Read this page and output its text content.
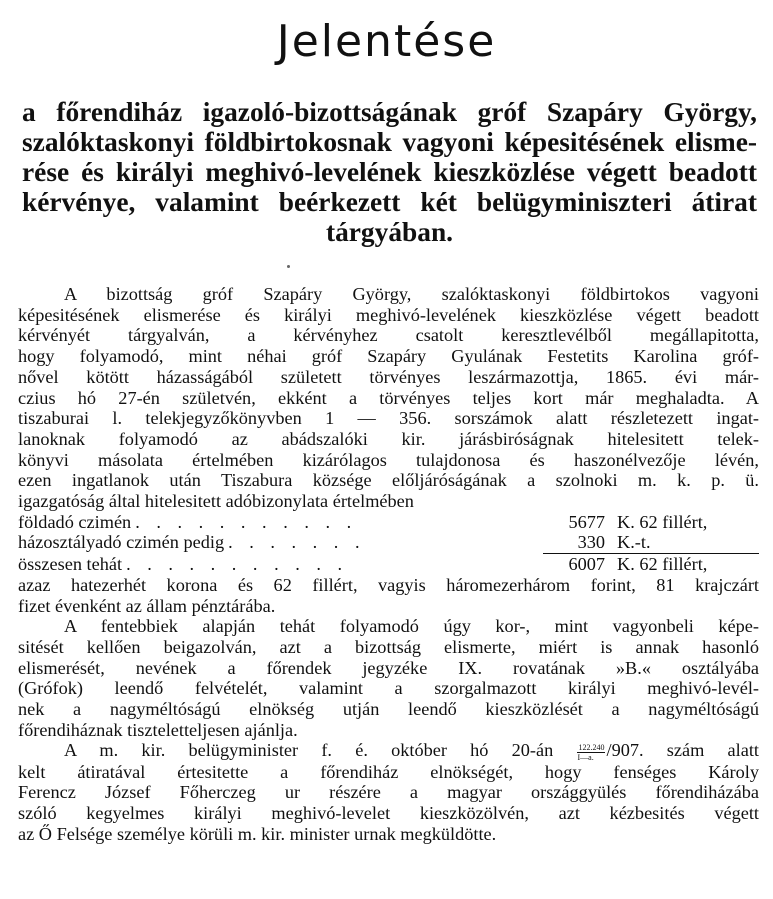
Jelentése
a főrendiház igazoló-bizottságának gróf Szapáry György,
szalóktaskonyi földbirtokosnak vagyoni képesitésének elisme-
rése és királyi meghivó-levelének kieszközlése végett beadott
kérvénye, valamint beérkezett két belügyminiszteri átirat
tárgyában.
A bizottság gróf Szapáry György, szalóktaskonyi földbirtokos vagyoni
képesitésének elismerése és királyi meghivó-levelének kieszközlése végett beadott
kérvényét tárgyalván, a kérvényhez csatolt keresztlevélből megállapitotta,
hogy folyamodó, mint néhai gróf Szapáry Gyulának Festetits Karolina gróf-
nővel kötött házasságából született törvényes leszármazottja, 1865. évi már-
czius hó 27-én születvén, ekként a törvényes teljes kort már meghaladta. A
tiszaburai l. telekjegyzőkönyvben 1 — 356. sorszámok alatt részletezett ingat-
lanoknak folyamodó az abádszalóki kir. járásbiróságnak hitelesitett telek-
könyvi másolata értelmében kizárólagos tulajdonosa és haszonélvezője lévén,
ezen ingatlanok után Tiszabura községe előljáróságának a szolnoki m. k. p. ü.
igazgatóság által hitelesitett adóbizonylata értelmében
földadó czimén . . . . . . . . . . .	5677 K. 62 fillért,
házosztályadó czimén pedig . . . . . . .	330 K.-t.
összesen tehát . . . . . . . . . . .	6007 K. 62 fillért,
azaz hatezerhét korona és 62 fillért, vagyis háromezerhárom forint, 81 krajczárt
fizet évenként az állam pénztárába.
A fentebbiek alapján tehát folyamodó úgy kor-, mint vagyonbeli képe-
sitését kellően beigazolván, azt a bizottság elismerte, miért is annak hasonló
elismerését, nevének a főrendek jegyzéke IX. rovatának »B.« osztályába
(Grófok) leendő felvételét, valamint a szorgalmazott királyi meghivó-levél-
nek a nagyméltóságú elnökség utján leendő kieszközlését a nagyméltóságú
főrendiháznak tiszteletteljesen ajánlja.
A m. kir. belügyminister f. é. október hó 20-án	$\frac{122.240}{I—a.} /907$. szám alatt
kelt átiratával értesitette a főrendiház elnökségét, hogy fenséges Károly
Ferencz József Főherczeg ur részére a magyar országgyülés főrendiházába
szóló kegyelmes királyi meghivó-levelet kieszközölvén, azt kézbesités végett
az Ő Felsége személye körüli m. kir. minister urnak megküldötte.
